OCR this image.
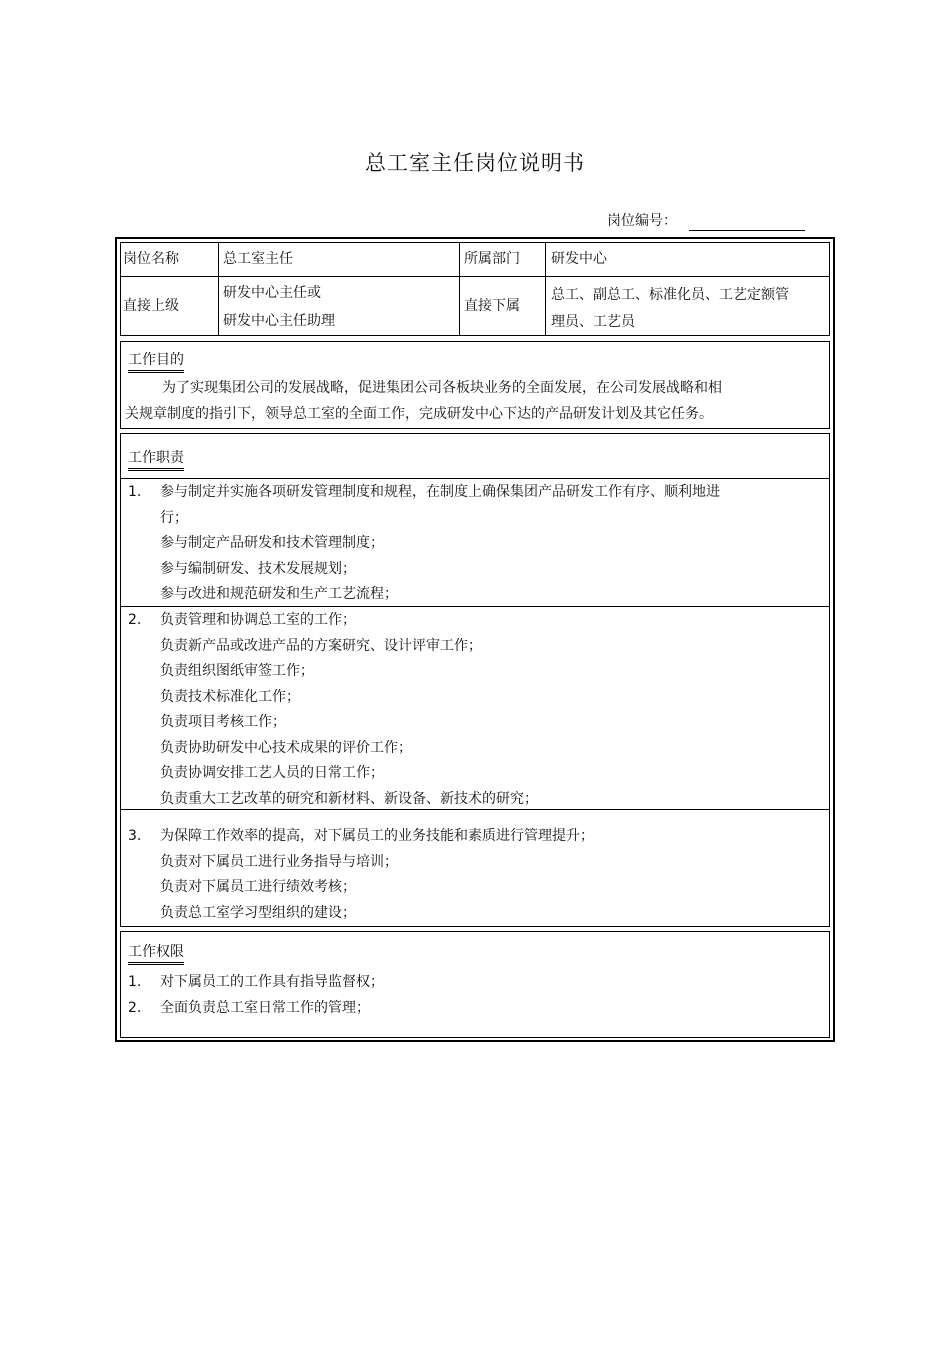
总工室主任岗位说明书
岗位编号：
岗位名称	总工室主任	所属部门 研发中心
直接上级
研发中心主任或
研发中心主任助理
直接下属
总工、副总工、标准化员、工艺定额管
理员、工艺员
工作目的
为了实现集团公司的发展战略，促进集团公司各板块业务的全面发展，在公司发展战略和相
关规章制度的指引下，领导总工室的全面工作，完成研发中心下达的产品研发计划及其它任务。
工作职责
1. 参与制定并实施各项研发管理制度和规程，在制度上确保集团产品研发工作有序、顺利地进
行；
参与制定产品研发和技术管理制度；
参与编制研发、技术发展规划；
参与改进和规范研发和生产工艺流程；
2. 负责管理和协调总工室的工作；
负责新产品或改进产品的方案研究、设计评审工作；
负责组织图纸审签工作；
负责技术标准化工作；
负责项目考核工作；
负责协助研发中心技术成果的评价工作；
负责协调安排工艺人员的日常工作；
负责重大工艺改革的研究和新材料、新设备、新技术的研究；
3. 为保障工作效率的提高，对下属员工的业务技能和素质进行管理提升；
负责对下属员工进行业务指导与培训；
负责对下属员工进行绩效考核；
负责总工室学习型组织的建设；
工作权限
1. 对下属员工的工作具有指导监督权；
2. 全面负责总工室日常工作的管理；
